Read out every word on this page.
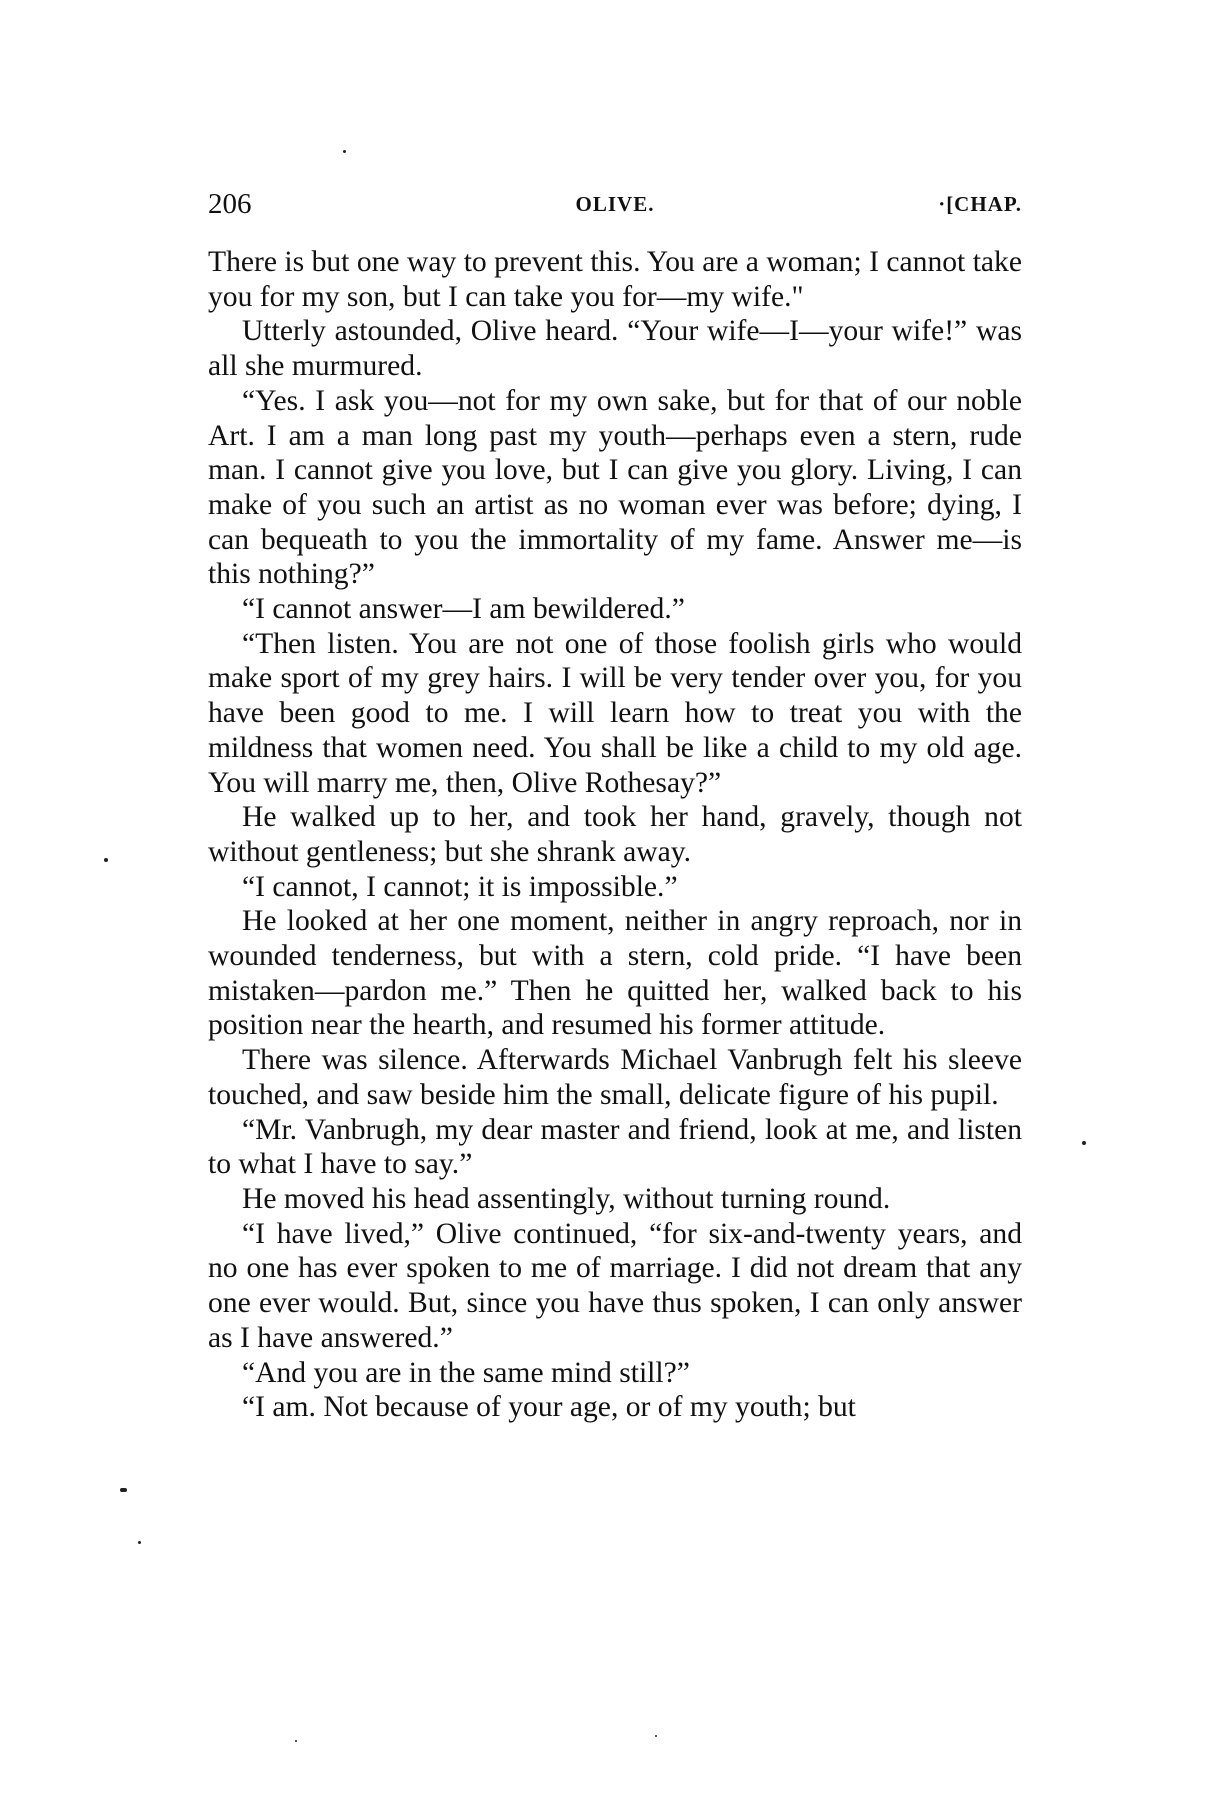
206	OLIVE.	·[CHAP.

There is but one way to prevent this. You are a woman; I cannot take you for my son, but I can take you for—my wife."

Utterly astounded, Olive heard. “Your wife—I—your wife!” was all she murmured.

“Yes. I ask you—not for my own sake, but for that of our noble Art. I am a man long past my youth—perhaps even a stern, rude man. I cannot give you love, but I can give you glory. Living, I can make of you such an artist as no woman ever was before; dying, I can bequeath to you the immortality of my fame. Answer me—is this nothing?”

“I cannot answer—I am bewildered.”

“Then listen. You are not one of those foolish girls who would make sport of my grey hairs. I will be very tender over you, for you have been good to me. I will learn how to treat you with the mildness that women need. You shall be like a child to my old age. You will marry me, then, Olive Rothesay?”

He walked up to her, and took her hand, gravely, though not without gentleness; but she shrank away.

“I cannot, I cannot; it is impossible.”

He looked at her one moment, neither in angry reproach, nor in wounded tenderness, but with a stern, cold pride. “I have been mistaken—pardon me.” Then he quitted her, walked back to his position near the hearth, and resumed his former attitude.

There was silence. Afterwards Michael Vanbrugh felt his sleeve touched, and saw beside him the small, delicate figure of his pupil.

“Mr. Vanbrugh, my dear master and friend, look at me, and listen to what I have to say.”

He moved his head assentingly, without turning round.

“I have lived,” Olive continued, “for six-and-twenty years, and no one has ever spoken to me of marriage. I did not dream that any one ever would. But, since you have thus spoken, I can only answer as I have answered.”

“And you are in the same mind still?”

“I am. Not because of your age, or of my youth; but
